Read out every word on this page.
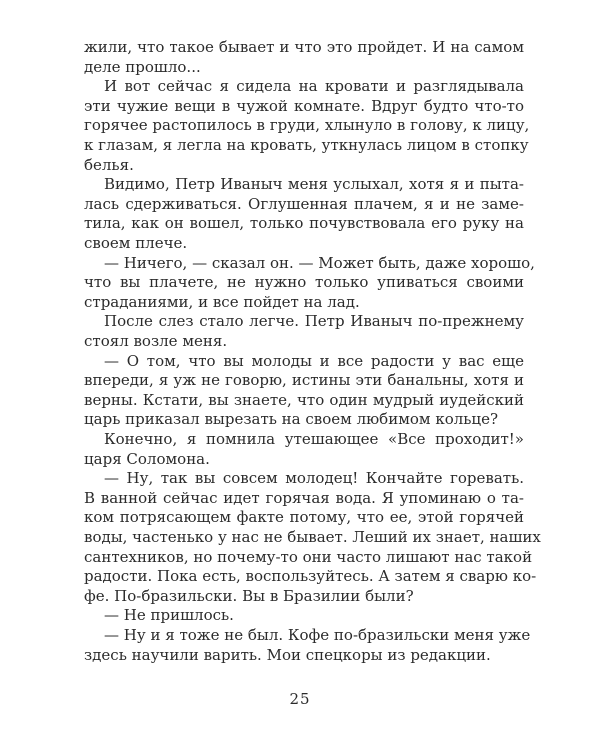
жили, что такое бывает и что это пройдет. И на самом
деле прошло...
И вот сейчас я сидела на кровати и разглядывала
эти чужие вещи в чужой комнате. Вдруг будто что-то
горячее растопилось в груди, хлынуло в голову, к лицу,
к глазам, я легла на кровать, уткнулась лицом в стопку
белья.
Видимо, Петр Иваныч меня услыхал, хотя я и пыта-
лась сдерживаться. Оглушенная плачем, я и не заме-
тила, как он вошел, только почувствовала его руку на
своем плече.
— Ничего, — сказал он. — Может быть, даже хорошо,
что вы плачете, не нужно только упиваться своими
страданиями, и все пойдет на лад.
После слез стало легче. Петр Иваныч по-прежнему
стоял возле меня.
— О том, что вы молоды и все радости у вас еще
впереди, я уж не говорю, истины эти банальны, хотя и
верны. Кстати, вы знаете, что один мудрый иудейский
царь приказал вырезать на своем любимом кольце?
Конечно, я помнила утешающее «Все проходит!»
царя Соломона.
— Ну, так вы совсем молодец! Кончайте горевать.
В ванной сейчас идет горячая вода. Я упоминаю о та-
ком потрясающем факте потому, что ее, этой горячей
воды, частенько у нас не бывает. Леший их знает, наших
сантехников, но почему-то они часто лишают нас такой
радости. Пока есть, воспользуйтесь. А затем я сварю ко-
фе. По-бразильски. Вы в Бразилии были?
— Не пришлось.
— Ну и я тоже не был. Кофе по-бразильски меня уже
здесь научили варить. Мои спецкоры из редакции.
25
